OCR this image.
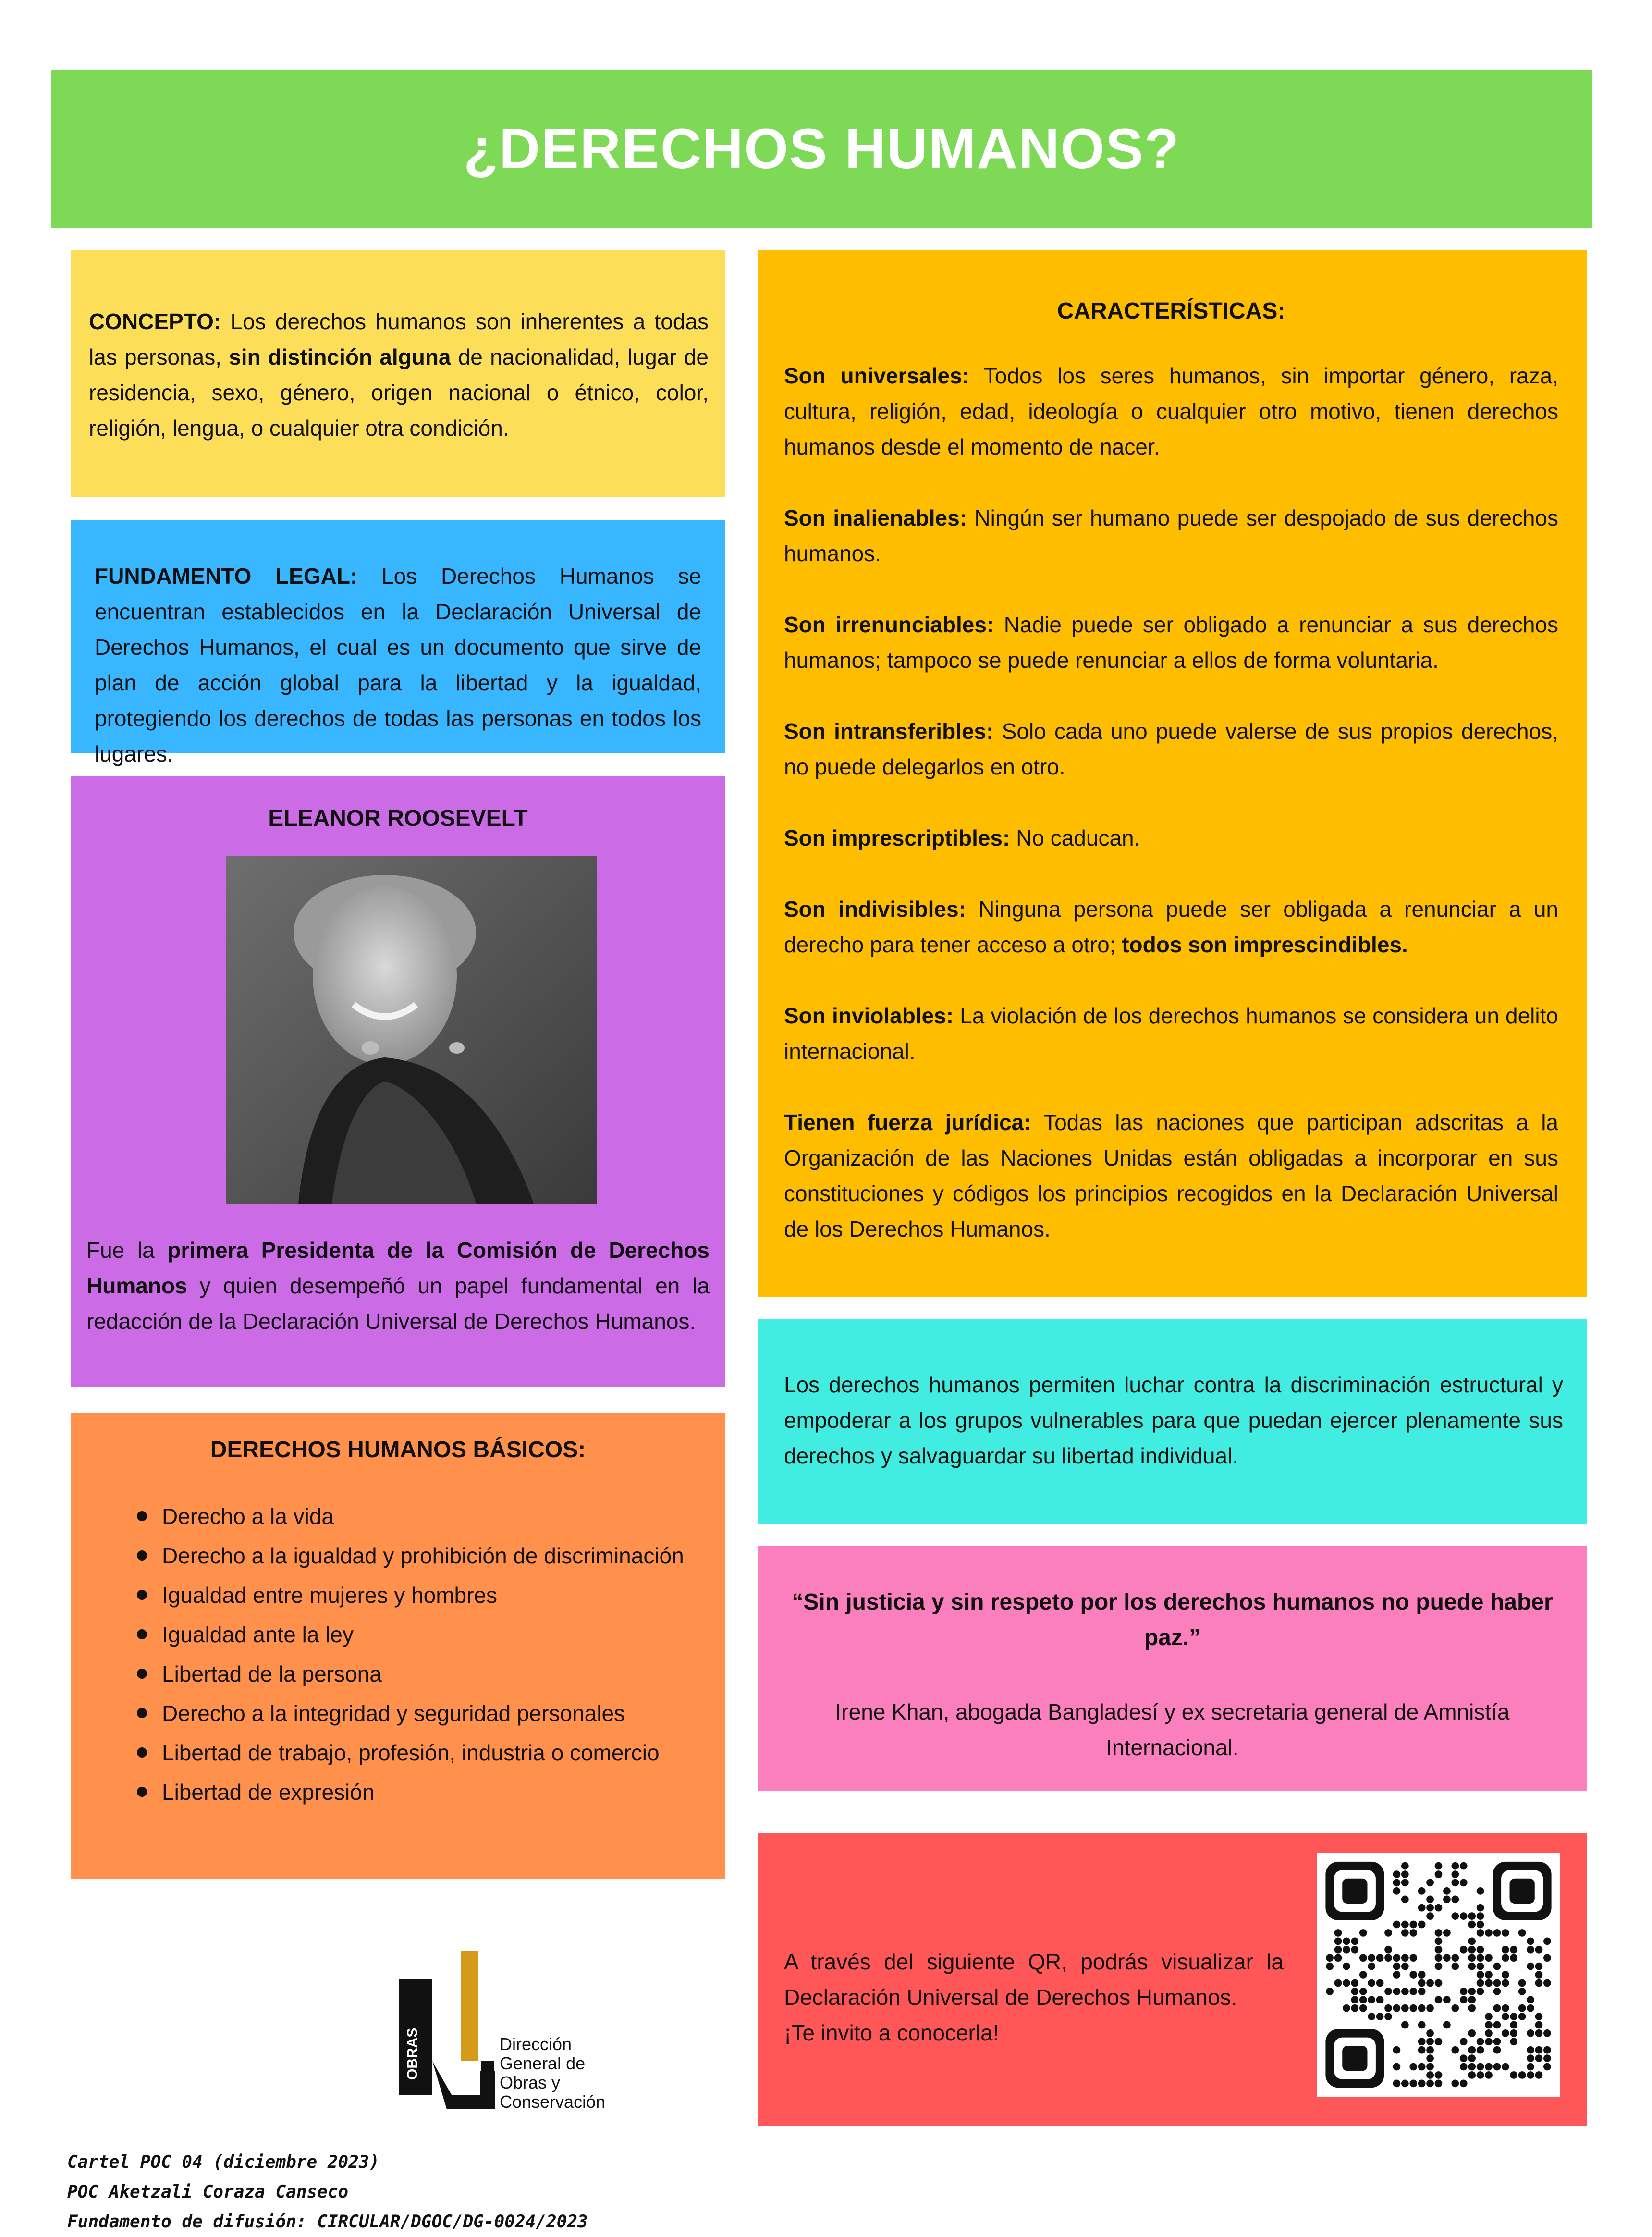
¿DERECHOS HUMANOS?

CONCEPTO: Los derechos humanos son inherentes a todas las personas, sin distinción alguna de nacionalidad, lugar de residencia, sexo, género, origen nacional o étnico, color, religión, lengua, o cualquier otra condición.

FUNDAMENTO LEGAL: Los Derechos Humanos se encuentran establecidos en la Declaración Universal de Derechos Humanos, el cual es un documento que sirve de plan de acción global para la libertad y la igualdad, protegiendo los derechos de todas las personas en todos los lugares.

ELEANOR ROOSEVELT

Fue la primera Presidenta de la Comisión de Derechos Humanos y quien desempeñó un papel fundamental en la redacción de la Declaración Universal de Derechos Humanos.

DERECHOS HUMANOS BÁSICOS:

Derecho a la vida
Derecho a la igualdad y prohibición de discriminación
Igualdad entre mujeres y hombres
Igualdad ante la ley
Libertad de la persona
Derecho a la integridad y seguridad personales
Libertad de trabajo, profesión, industria o comercio
Libertad de expresión

CARACTERÍSTICAS:

Son universales: Todos los seres humanos, sin importar género, raza, cultura, religión, edad, ideología o cualquier otro motivo, tienen derechos humanos desde el momento de nacer.

Son inalienables: Ningún ser humano puede ser despojado de sus derechos humanos.

Son irrenunciables: Nadie puede ser obligado a renunciar a sus derechos humanos; tampoco se puede renunciar a ellos de forma voluntaria.

Son intransferibles: Solo cada uno puede valerse de sus propios derechos, no puede delegarlos en otro.

Son imprescriptibles: No caducan.

Son indivisibles: Ninguna persona puede ser obligada a renunciar a un derecho para tener acceso a otro; todos son imprescindibles.

Son inviolables: La violación de los derechos humanos se considera un delito internacional.

Tienen fuerza jurídica: Todas las naciones que participan adscritas a la Organización de las Naciones Unidas están obligadas a incorporar en sus constituciones y códigos los principios recogidos en la Declaración Universal de los Derechos Humanos.

Los derechos humanos permiten luchar contra la discriminación estructural y empoderar a los grupos vulnerables para que puedan ejercer plenamente sus derechos y salvaguardar su libertad individual.

“Sin justicia y sin respeto por los derechos humanos no puede haber paz.”

Irene Khan, abogada Bangladesí y ex secretaria general de Amnistía Internacional.

A través del siguiente QR, podrás visualizar la Declaración Universal de Derechos Humanos.
¡Te invito a conocerla!

OBRAS	Dirección
General de
Obras y
Conservación
Cartel POC 04 (diciembre 2023)
POC Aketzali Coraza Canseco
Fundamento de difusión: CIRCULAR/DGOC/DG-0024/2023
